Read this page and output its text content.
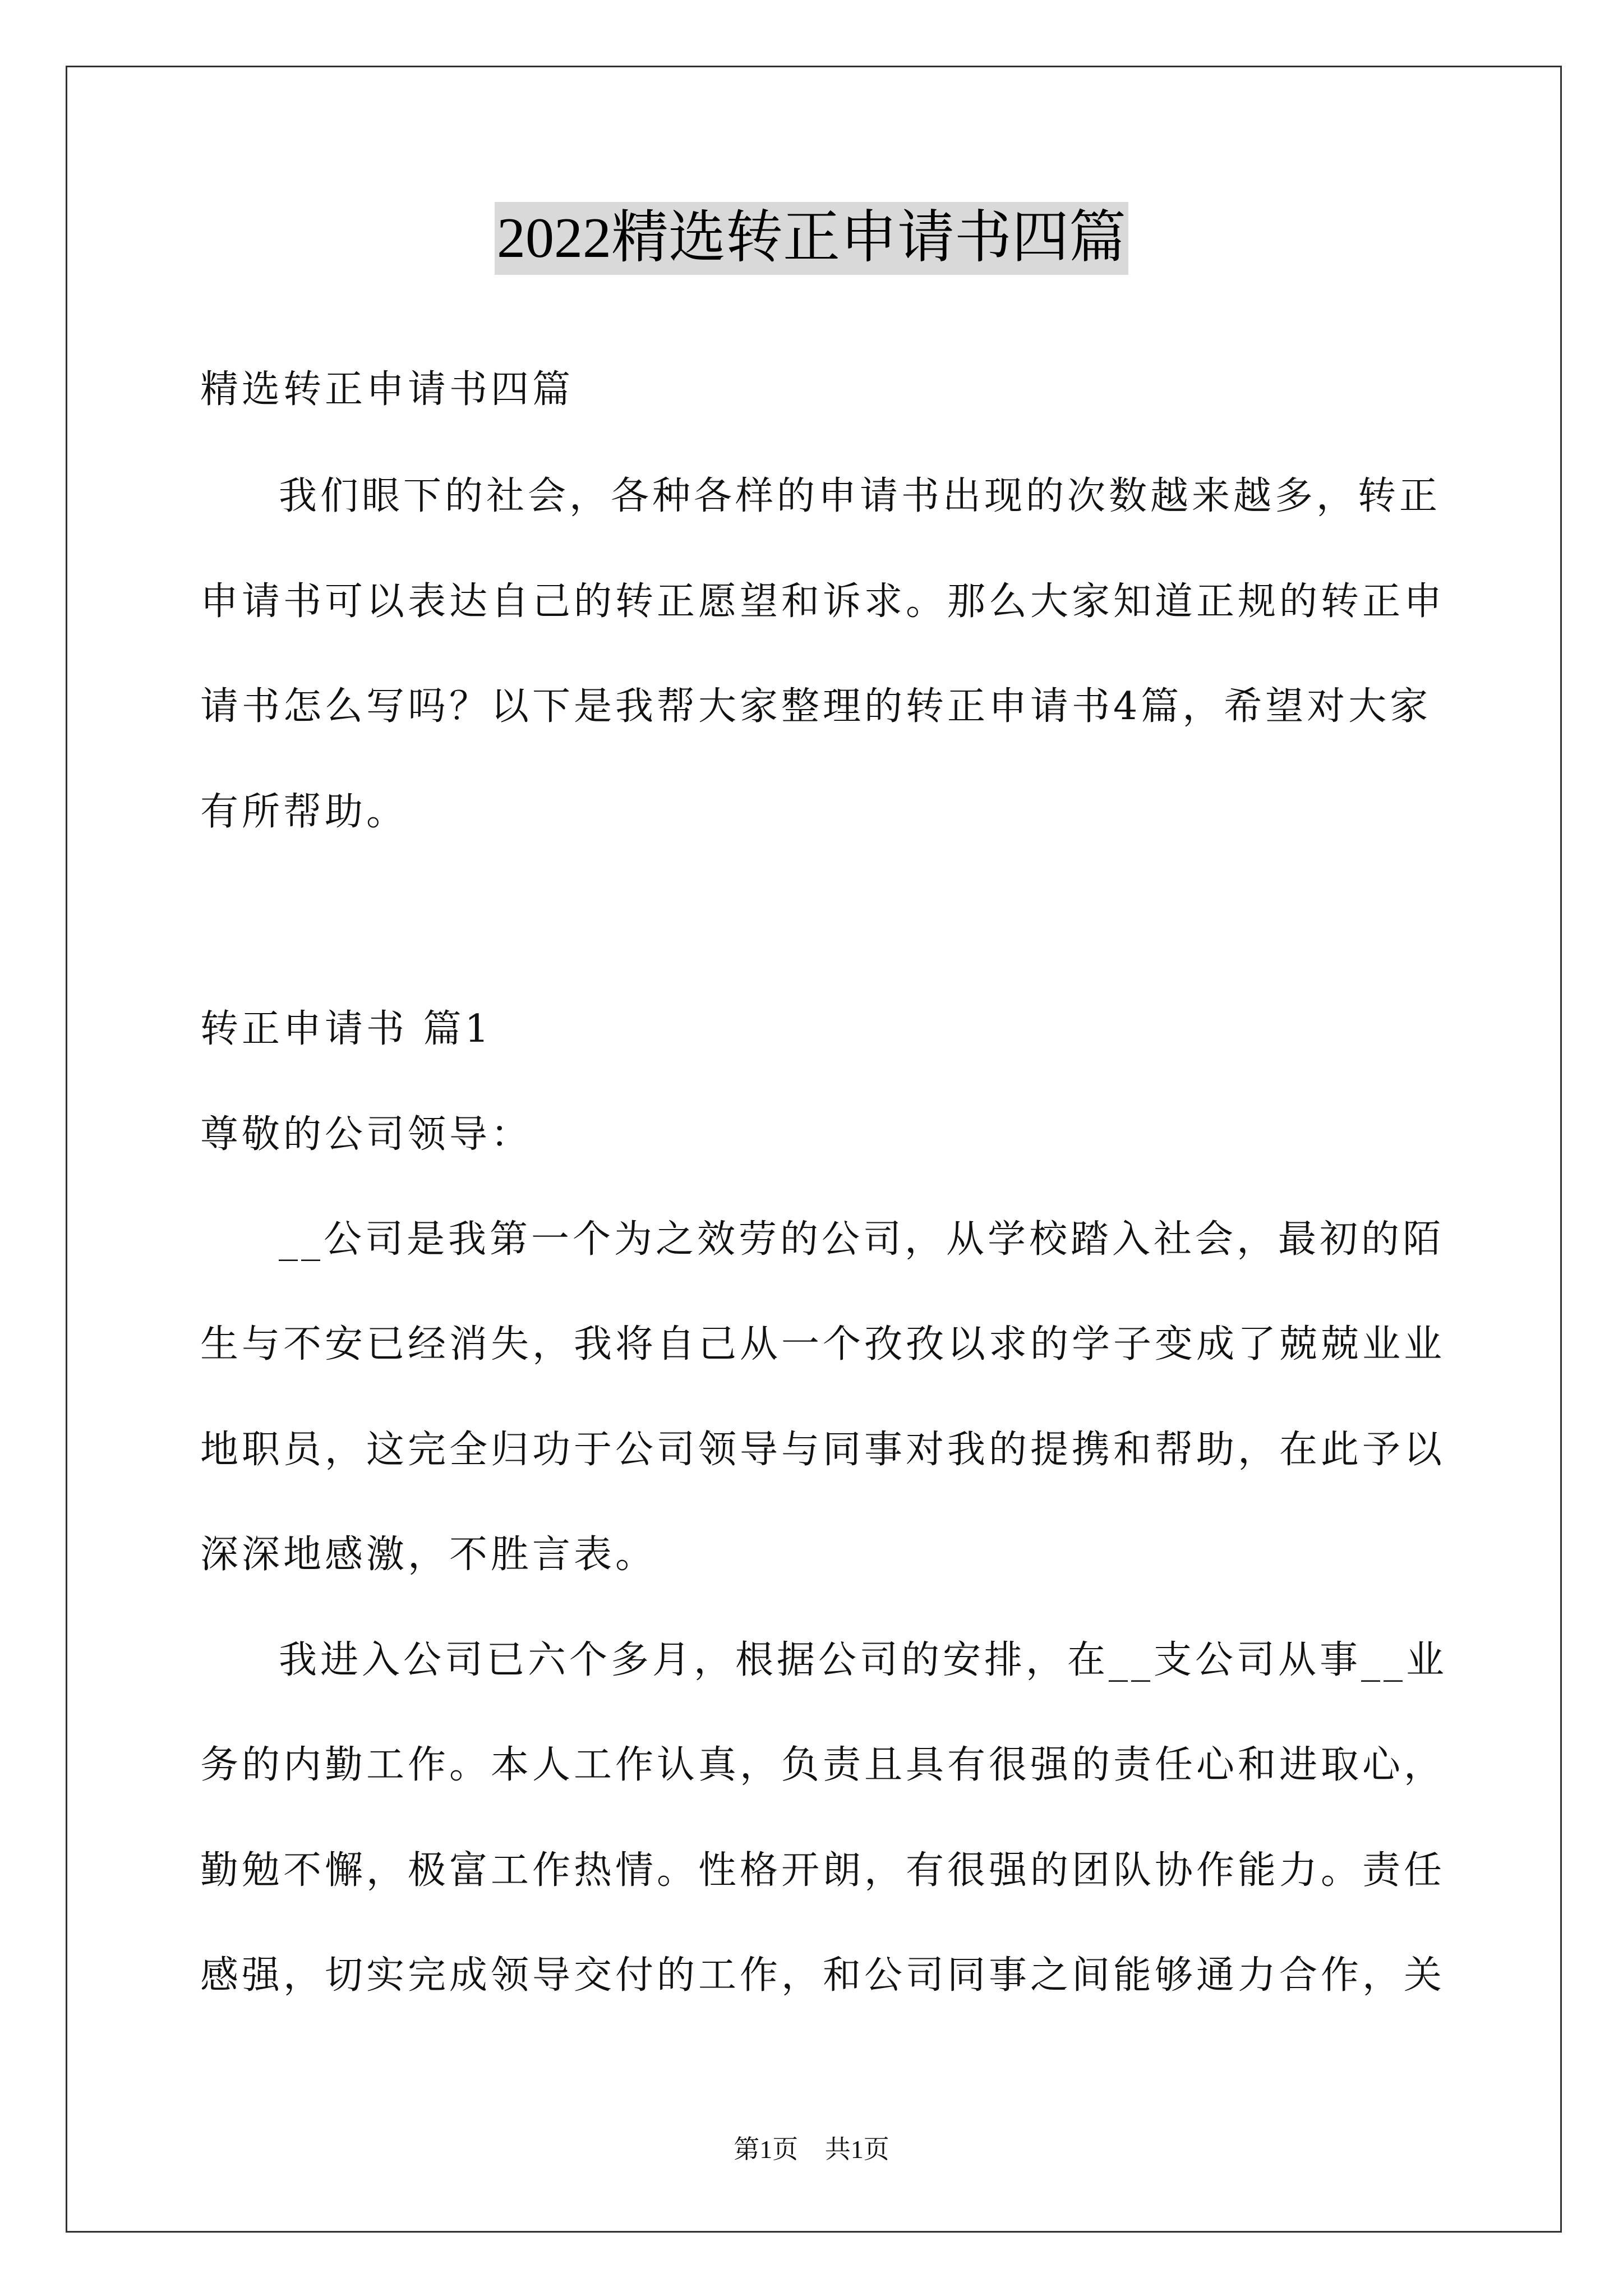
2022精选转正申请书四篇
精选转正申请书四篇
我们眼下的社会，各种各样的申请书出现的次数越来越多，转正
申请书可以表达自己的转正愿望和诉求。那么大家知道正规的转正申
请书怎么写吗？以下是我帮大家整理的转正申请书4篇，希望对大家
有所帮助。
转正申请书 篇1
尊敬的公司领导：
__公司是我第一个为之效劳的公司，从学校踏入社会，最初的陌
生与不安已经消失，我将自己从一个孜孜以求的学子变成了兢兢业业
地职员，这完全归功于公司领导与同事对我的提携和帮助，在此予以
深深地感激，不胜言表。
我进入公司已六个多月，根据公司的安排，在__支公司从事__业
务的内勤工作。本人工作认真，负责且具有很强的责任心和进取心，
勤勉不懈，极富工作热情。性格开朗，有很强的团队协作能力。责任
感强，切实完成领导交付的工作，和公司同事之间能够通力合作，关
第1页 共1页
